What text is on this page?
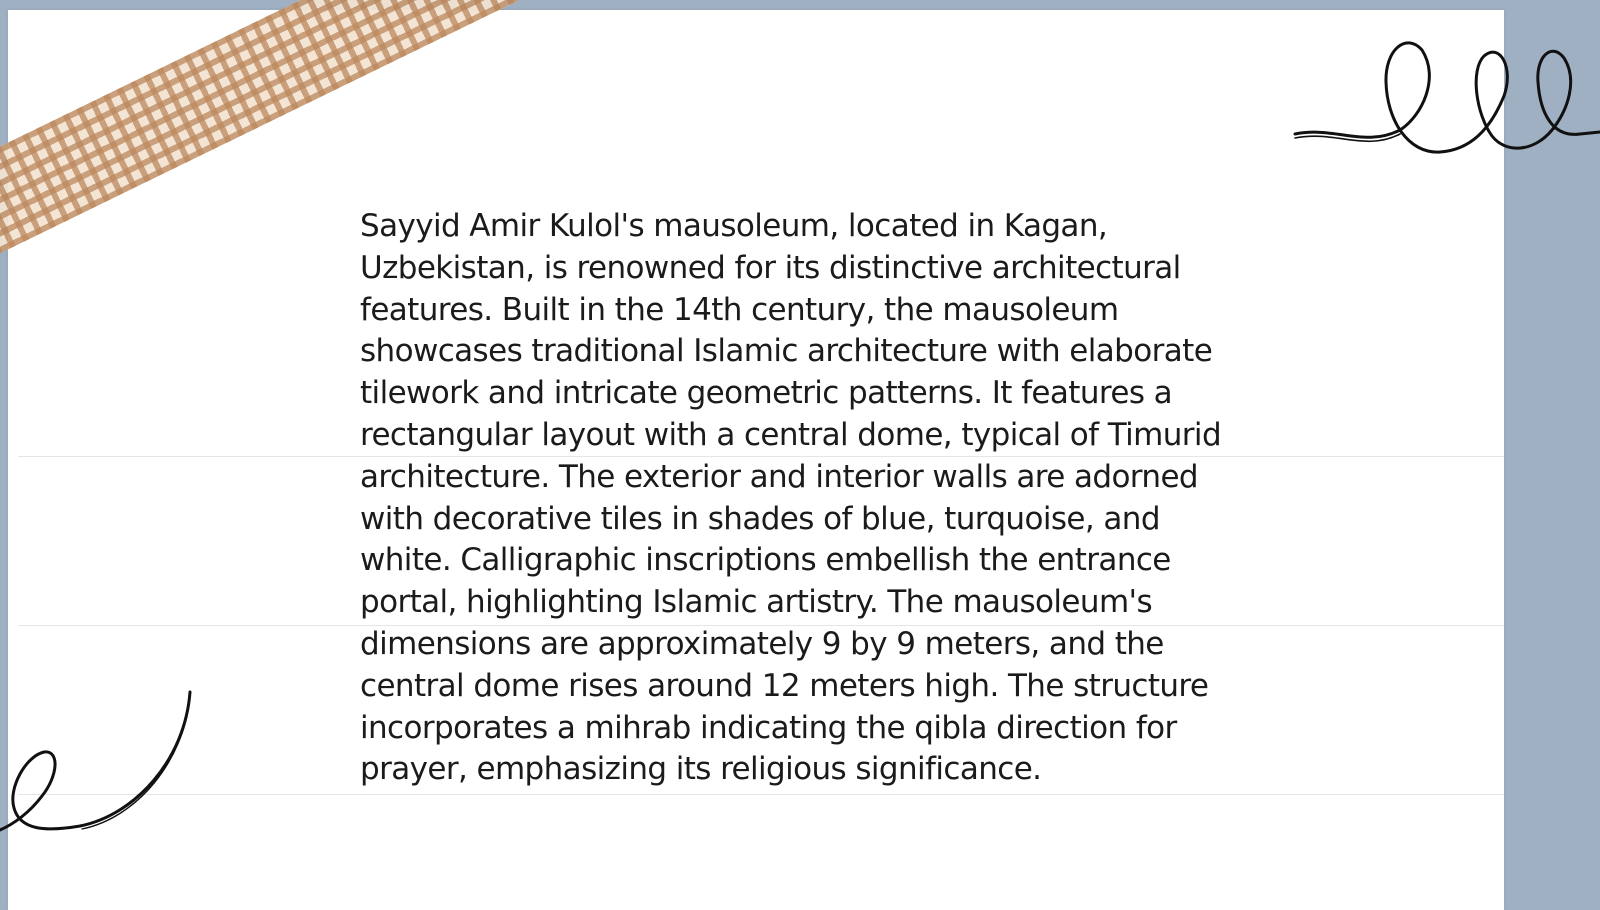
Sayyid Amir Kulol's mausoleum, located in Kagan, Uzbekistan, is renowned for its distinctive architectural features. Built in the 14th century, the mausoleum showcases traditional Islamic architecture with elaborate tilework and intricate geometric patterns. It features a rectangular layout with a central dome, typical of Timurid architecture. The exterior and interior walls are adorned with decorative tiles in shades of blue, turquoise, and white. Calligraphic inscriptions embellish the entrance portal, highlighting Islamic artistry. The mausoleum's dimensions are approximately 9 by 9 meters, and the central dome rises around 12 meters high. The structure incorporates a mihrab indicating the qibla direction for prayer, emphasizing its religious significance.
